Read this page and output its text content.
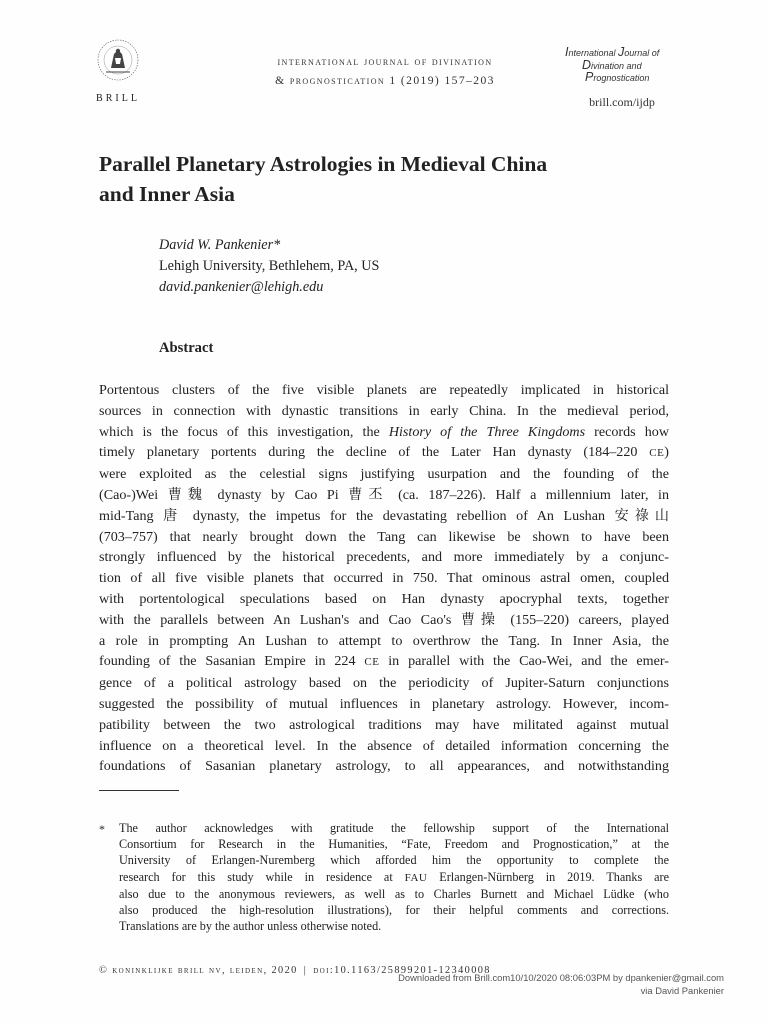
BRILL
international journal of divination
& prognostication 1 (2019) 157–203
International Journal of
Divination and
Prognostication
brill.com/ijdp
Parallel Planetary Astrologies in Medieval China
and Inner Asia
David W. Pankenier*
Lehigh University, Bethlehem, PA, US
david.pankenier@lehigh.edu
Abstract
Portentous clusters of the five visible planets are repeatedly implicated in historical
sources in connection with dynastic transitions in early China. In the medieval period,
which is the focus of this investigation, the History of the Three Kingdoms records how
timely planetary portents during the decline of the Later Han dynasty (184–220 CE)
were exploited as the celestial signs justifying usurpation and the founding of the
(Cao-)Wei 曹魏 dynasty by Cao Pi 曹丕 (ca. 187–226). Half a millennium later, in
mid-Tang 唐 dynasty, the impetus for the devastating rebellion of An Lushan 安祿山
(703–757) that nearly brought down the Tang can likewise be shown to have been
strongly influenced by the historical precedents, and more immediately by a conjunc-
tion of all five visible planets that occurred in 750. That ominous astral omen, coupled
with portentological speculations based on Han dynasty apocryphal texts, together
with the parallels between An Lushan's and Cao Cao's 曹操 (155–220) careers, played
a role in prompting An Lushan to attempt to overthrow the Tang. In Inner Asia, the
founding of the Sasanian Empire in 224 CE in parallel with the Cao-Wei, and the emer-
gence of a political astrology based on the periodicity of Jupiter-Saturn conjunctions
suggested the possibility of mutual influences in planetary astrology. However, incom-
patibility between the two astrological traditions may have militated against mutual
influence on a theoretical level. In the absence of detailed information concerning the
foundations of Sasanian planetary astrology, to all appearances, and notwithstanding
* The author acknowledges with gratitude the fellowship support of the International
Consortium for Research in the Humanities, “Fate, Freedom and Prognostication,” at the
University of Erlangen-Nuremberg which afforded him the opportunity to complete the
research for this study while in residence at FAU Erlangen-Nürnberg in 2019. Thanks are
also due to the anonymous reviewers, as well as to Charles Burnett and Michael Lüdke (who
also produced the high-resolution illustrations), for their helpful comments and corrections.
Translations are by the author unless otherwise noted.
© koninklijke brill nv, leiden, 2020 | doi:10.1163/25899201-12340008
Downloaded from Brill.com10/10/2020 08:06:03PM by dpankenier@gmail.com
via David Pankenier
